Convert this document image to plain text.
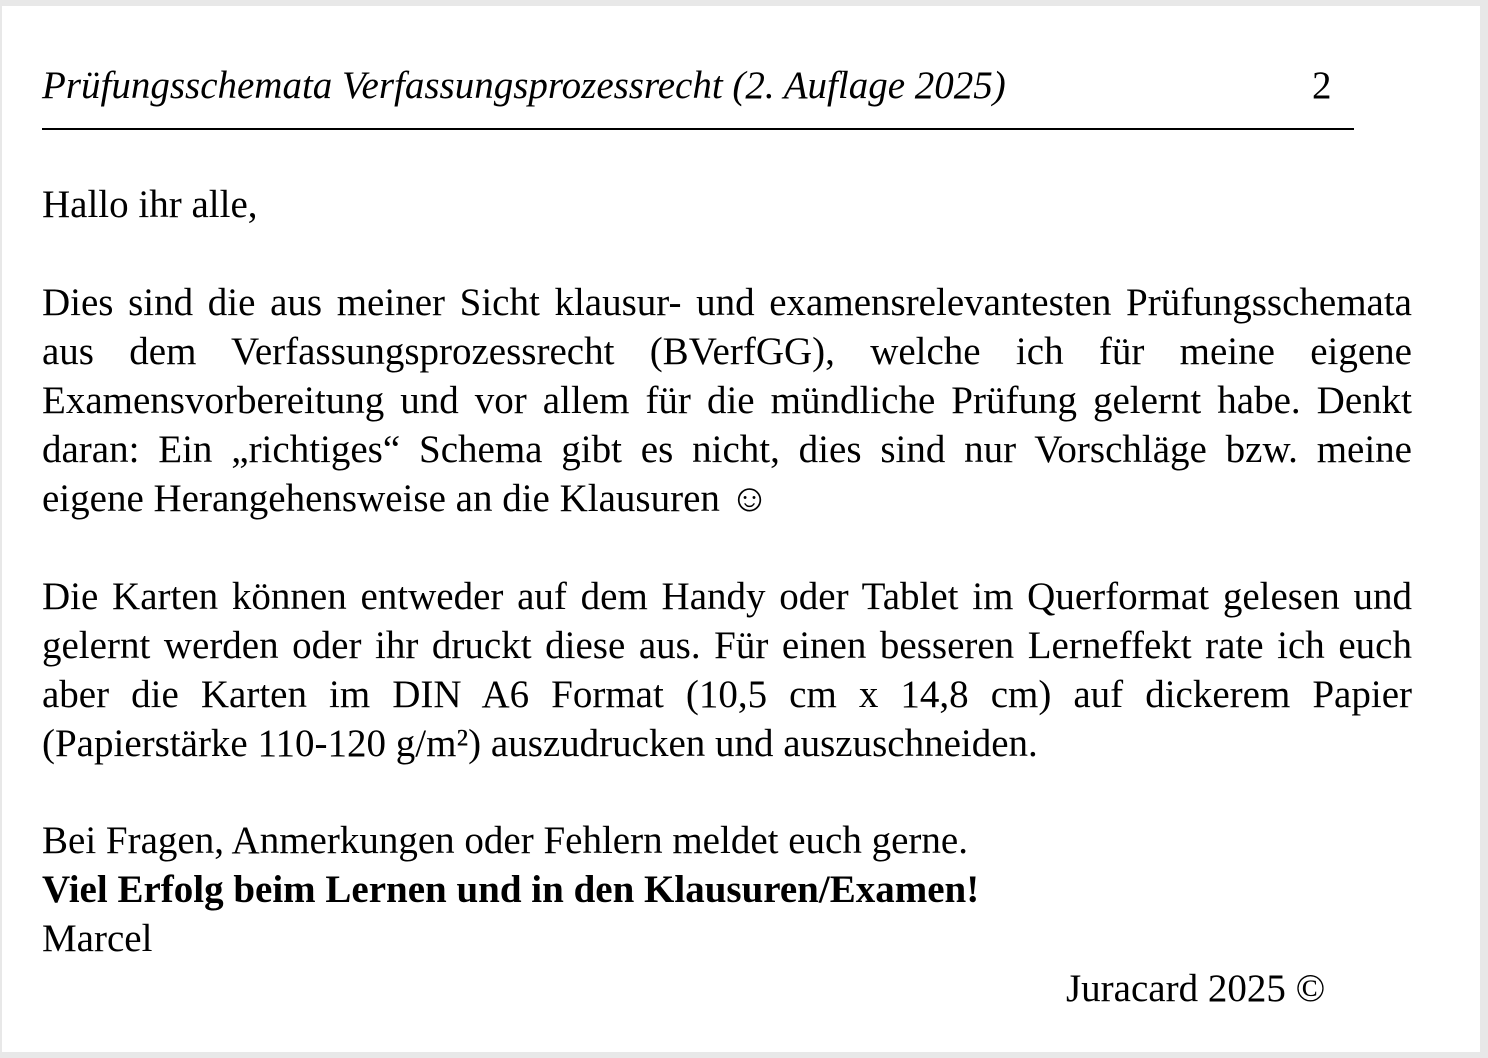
Prüfungsschemata Verfassungsprozessrecht (2. Auflage 2025)	2
Hallo ihr alle,
Dies sind die aus meiner Sicht klausur- und examensrelevantesten Prüfungsschemata aus dem Verfassungsprozessrecht (BVerfGG), welche ich für meine eigene Examensvorbereitung und vor allem für die mündliche Prüfung gelernt habe. Denkt daran: Ein „richtiges“ Schema gibt es nicht, dies sind nur Vorschläge bzw. meine eigene Herangehensweise an die Klausuren ☺
Die Karten können entweder auf dem Handy oder Tablet im Querformat gelesen und gelernt werden oder ihr druckt diese aus. Für einen besseren Lerneffekt rate ich euch aber die Karten im DIN A6 Format (10,5 cm x 14,8 cm) auf dickerem Papier (Papierstärke 110-120 g/m²) auszudrucken und auszuschneiden.
Bei Fragen, Anmerkungen oder Fehlern meldet euch gerne.
Viel Erfolg beim Lernen und in den Klausuren/Examen!
Marcel
Juracard 2025 ©
